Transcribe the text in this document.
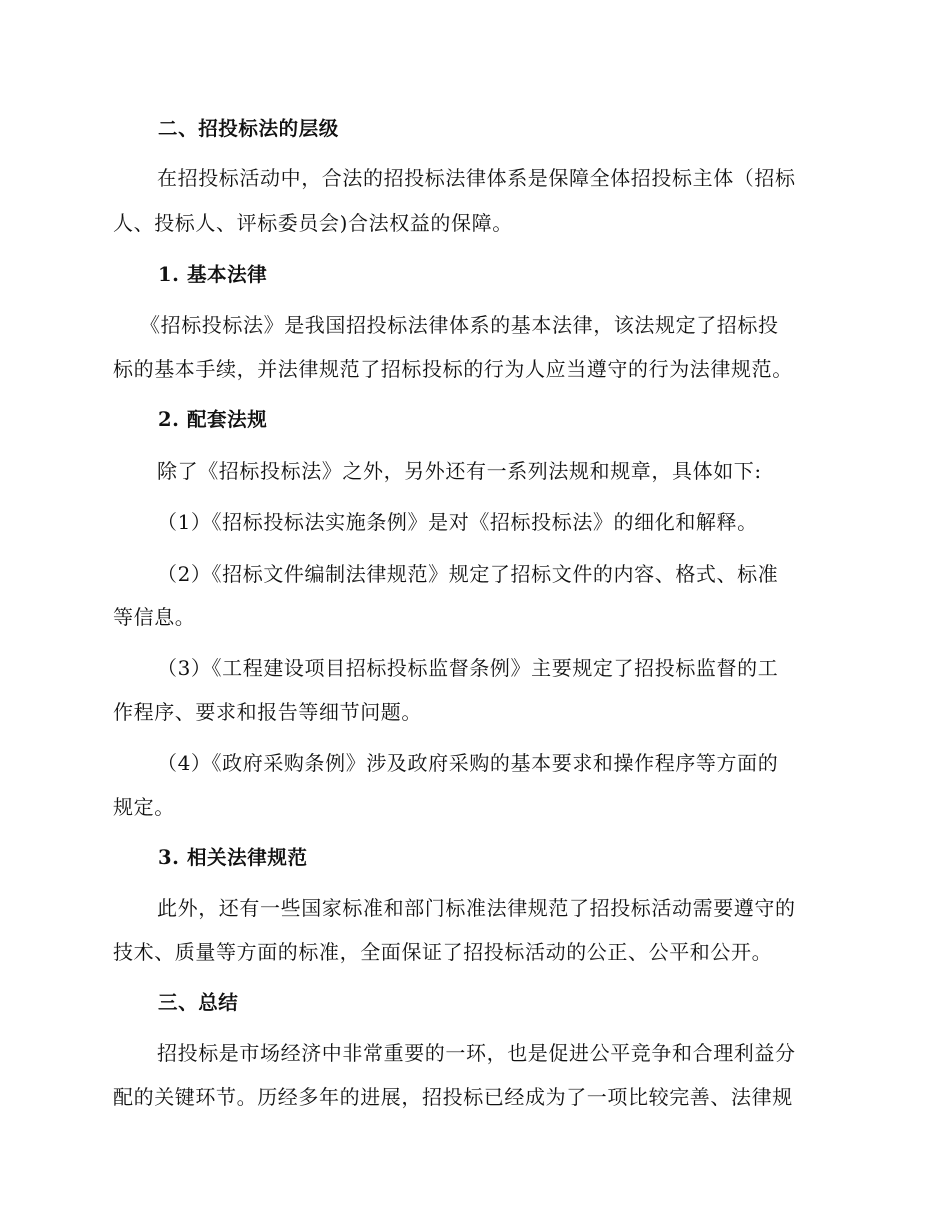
二、招投标法的层级
在招投标活动中，合法的招投标法律体系是保障全体招投标主体（招标
人、投标人、评标委员会)合法权益的保障。
1. 基本法律
《招标投标法》是我国招投标法律体系的基本法律，该法规定了招标投
标的基本手续，并法律规范了招标投标的行为人应当遵守的行为法律规范。
2. 配套法规
除了《招标投标法》之外，另外还有一系列法规和规章，具体如下:
（1）《招标投标法实施条例》是对《招标投标法》的细化和解释。
（2）《招标文件编制法律规范》规定了招标文件的内容、格式、标准
等信息。
（3）《工程建设项目招标投标监督条例》主要规定了招投标监督的工
作程序、要求和报告等细节问题。
（4）《政府采购条例》涉及政府采购的基本要求和操作程序等方面的
规定。
3. 相关法律规范
此外，还有一些国家标准和部门标准法律规范了招投标活动需要遵守的
技术、质量等方面的标准，全面保证了招投标活动的公正、公平和公开。
三、总结
招投标是市场经济中非常重要的一环，也是促进公平竞争和合理利益分
配的关键环节。历经多年的进展，招投标已经成为了一项比较完善、法律规
